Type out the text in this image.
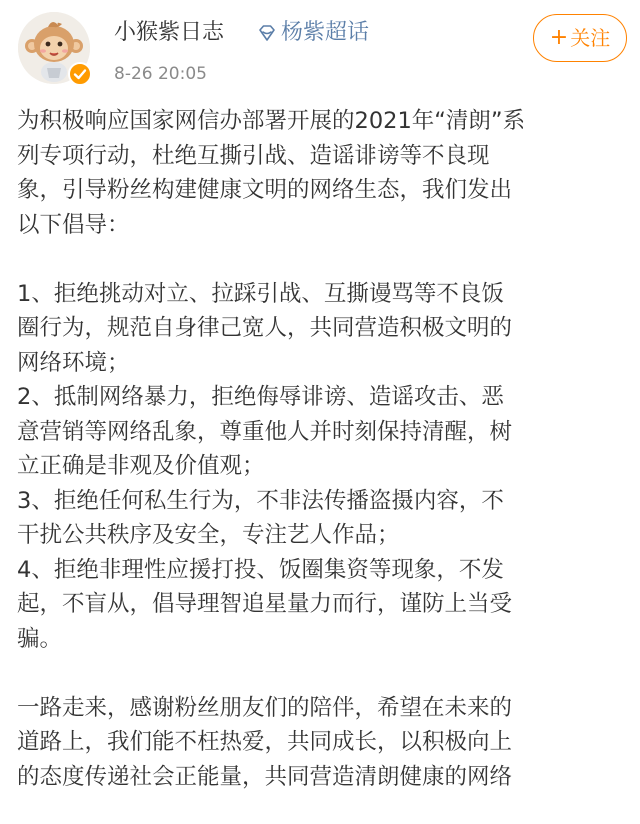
小猴紫日志	杨紫超话
8-26 20:05
+ 关注

为积极响应国家网信办部署开展的2021年“清朗”系

列专项行动，杜绝互撕引战、造谣诽谤等不良现

象，引导粉丝构建健康文明的网络生态，我们发出

以下倡导：

1、拒绝挑动对立、拉踩引战、互撕谩骂等不良饭

圈行为，规范自身律己宽人，共同营造积极文明的

网络环境；

2、抵制网络暴力，拒绝侮辱诽谤、造谣攻击、恶

意营销等网络乱象，尊重他人并时刻保持清醒，树

立正确是非观及价值观；

3、拒绝任何私生行为，不非法传播盗摄内容，不

干扰公共秩序及安全，专注艺人作品；

4、拒绝非理性应援打投、饭圈集资等现象，不发

起，不盲从，倡导理智追星量力而行，谨防上当受

骗。

一路走来，感谢粉丝朋友们的陪伴，希望在未来的

道路上，我们能不枉热爱，共同成长，以积极向上

的态度传递社会正能量，共同营造清朗健康的网络
